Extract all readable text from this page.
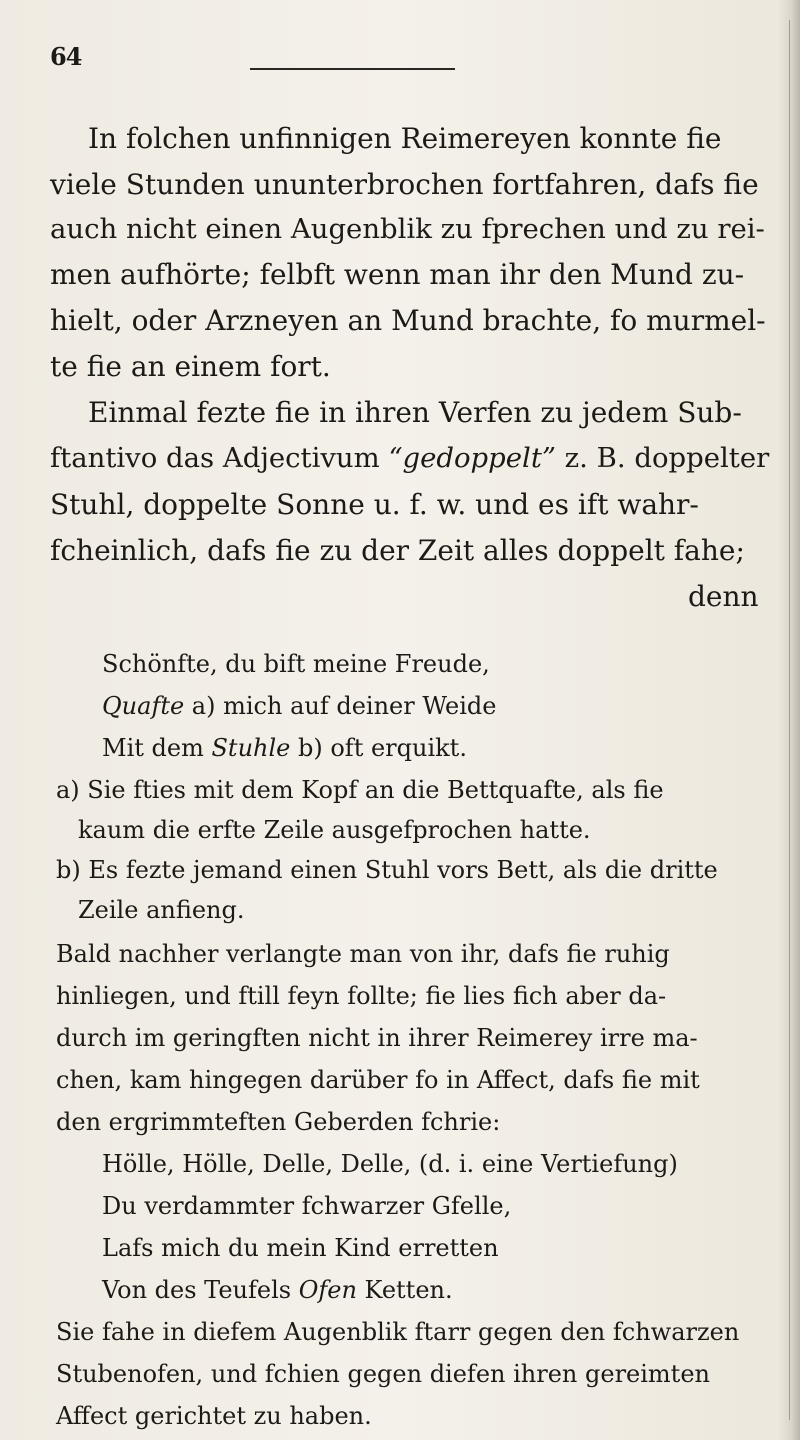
64
In folchen unfinnigen Reimereyen konnte fie
viele Stunden ununterbrochen fortfahren, dafs fie
auch nicht einen Augenblik zu fprechen und zu rei-
men aufhörte; felbft wenn man ihr den Mund zu-
hielt, oder Arzneyen an Mund brachte, fo murmel-
te fie an einem fort.
Einmal fezte fie in ihren Verfen zu jedem Sub-
ftantivo das Adjectivum “gedoppelt” z. B. doppelter
Stuhl, doppelte Sonne u. f. w. und es ift wahr-
fcheinlich, dafs fie zu der Zeit alles doppelt fahe;
denn
Schönfte, du bift meine Freude,
Quafte a) mich auf deiner Weide
Mit dem Stuhle b) oft erquikt.
a) Sie fties mit dem Kopf an die Bettquafte, als fie
kaum die erfte Zeile ausgefprochen hatte.
b) Es fezte jemand einen Stuhl vors Bett, als die dritte
Zeile anfieng.
Bald nachher verlangte man von ihr, dafs fie ruhig
hinliegen, und ftill feyn follte; fie lies fich aber da-
durch im geringften nicht in ihrer Reimerey irre ma-
chen, kam hingegen darüber fo in Affect, dafs fie mit
den ergrimmteften Geberden fchrie:
Hölle, Hölle, Delle, Delle, (d. i. eine Vertiefung)
Du verdammter fchwarzer Gfelle,
Lafs mich du mein Kind erretten
Von des Teufels Ofen Ketten.
Sie fahe in diefem Augenblik ftarr gegen den fchwarzen
Stubenofen, und fchien gegen diefen ihren gereimten
Affect gerichtet zu haben.
